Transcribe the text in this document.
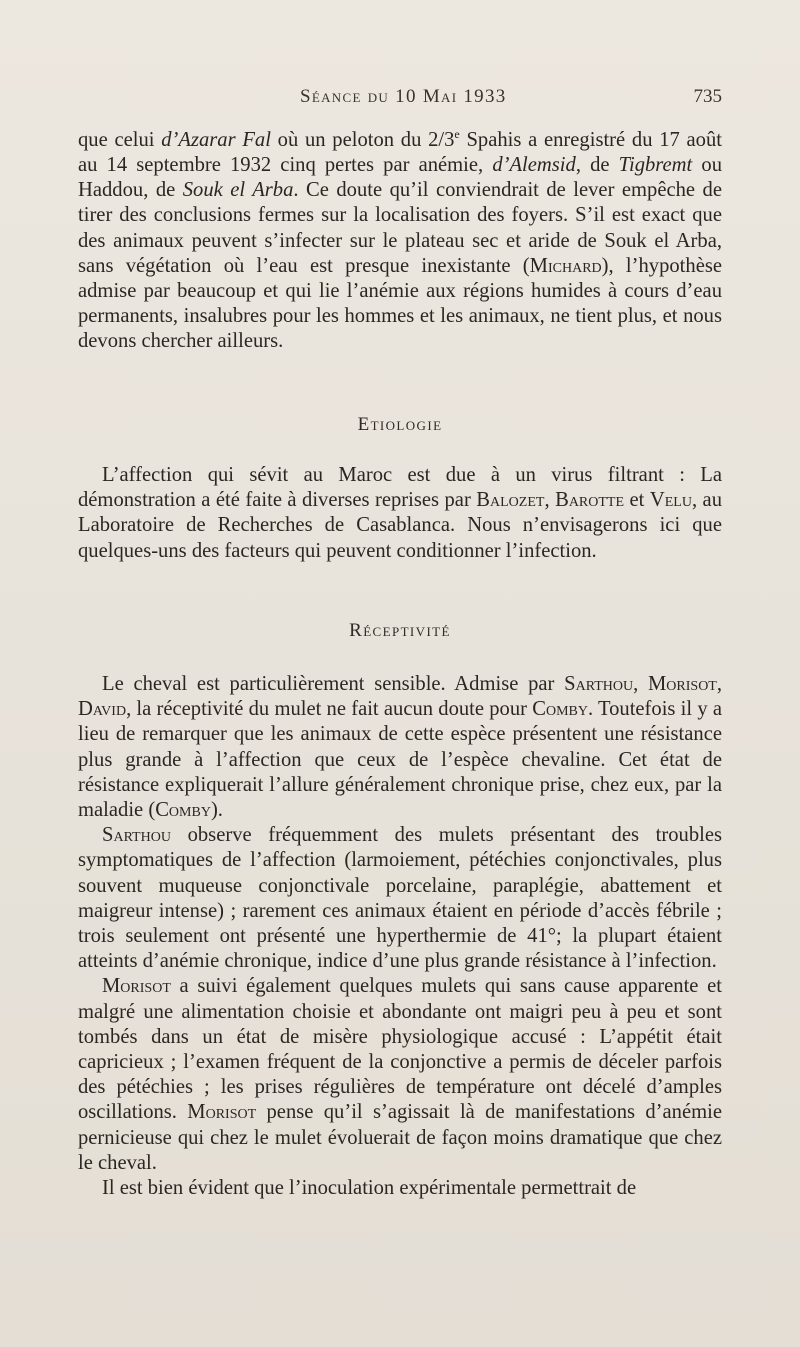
Séance du 10 Mai 1933	735

que celui d’Azarar Fal où un peloton du 2/3e Spahis a enregistré du 17 août au 14 septembre 1932 cinq pertes par anémie, d’Alemsid, de Tigbremt ou Haddou, de Souk el Arba. Ce doute qu’il conviendrait de lever empêche de tirer des conclusions fermes sur la localisation des foyers. S’il est exact que des animaux peuvent s’infecter sur le plateau sec et aride de Souk el Arba, sans végétation où l’eau est presque inexistante (Michard), l’hypothèse admise par beaucoup et qui lie l’anémie aux régions humides à cours d’eau permanents, insalubres pour les hommes et les animaux, ne tient plus, et nous devons chercher ailleurs.

Etiologie

L’affection qui sévit au Maroc est due à un virus filtrant : La démonstration a été faite à diverses reprises par Balozet, Barotte et Velu, au Laboratoire de Recherches de Casablanca. Nous n’envisagerons ici que quelques-uns des facteurs qui peuvent conditionner l’infection.

Réceptivité

Le cheval est particulièrement sensible. Admise par Sarthou, Morisot, David, la réceptivité du mulet ne fait aucun doute pour Comby. Toutefois il y a lieu de remarquer que les animaux de cette espèce présentent une résistance plus grande à l’affection que ceux de l’espèce chevaline. Cet état de résistance expliquerait l’allure généralement chronique prise, chez eux, par la maladie (Comby).

Sarthou observe fréquemment des mulets présentant des troubles symptomatiques de l’affection (larmoiement, pétéchies conjonctivales, plus souvent muqueuse conjonctivale porcelaine, paraplégie, abattement et maigreur intense) ; rarement ces animaux étaient en période d’accès fébrile ; trois seulement ont présenté une hyperthermie de 41°; la plupart étaient atteints d’anémie chronique, indice d’une plus grande résistance à l’infection.

Morisot a suivi également quelques mulets qui sans cause apparente et malgré une alimentation choisie et abondante ont maigri peu à peu et sont tombés dans un état de misère physiologique accusé : L’appétit était capricieux ; l’examen fréquent de la conjonctive a permis de déceler parfois des pétéchies ; les prises régulières de température ont décelé d’amples oscillations. Morisot pense qu’il s’agissait là de manifestations d’anémie pernicieuse qui chez le mulet évoluerait de façon moins dramatique que chez le cheval.

Il est bien évident que l’inoculation expérimentale permettrait de
